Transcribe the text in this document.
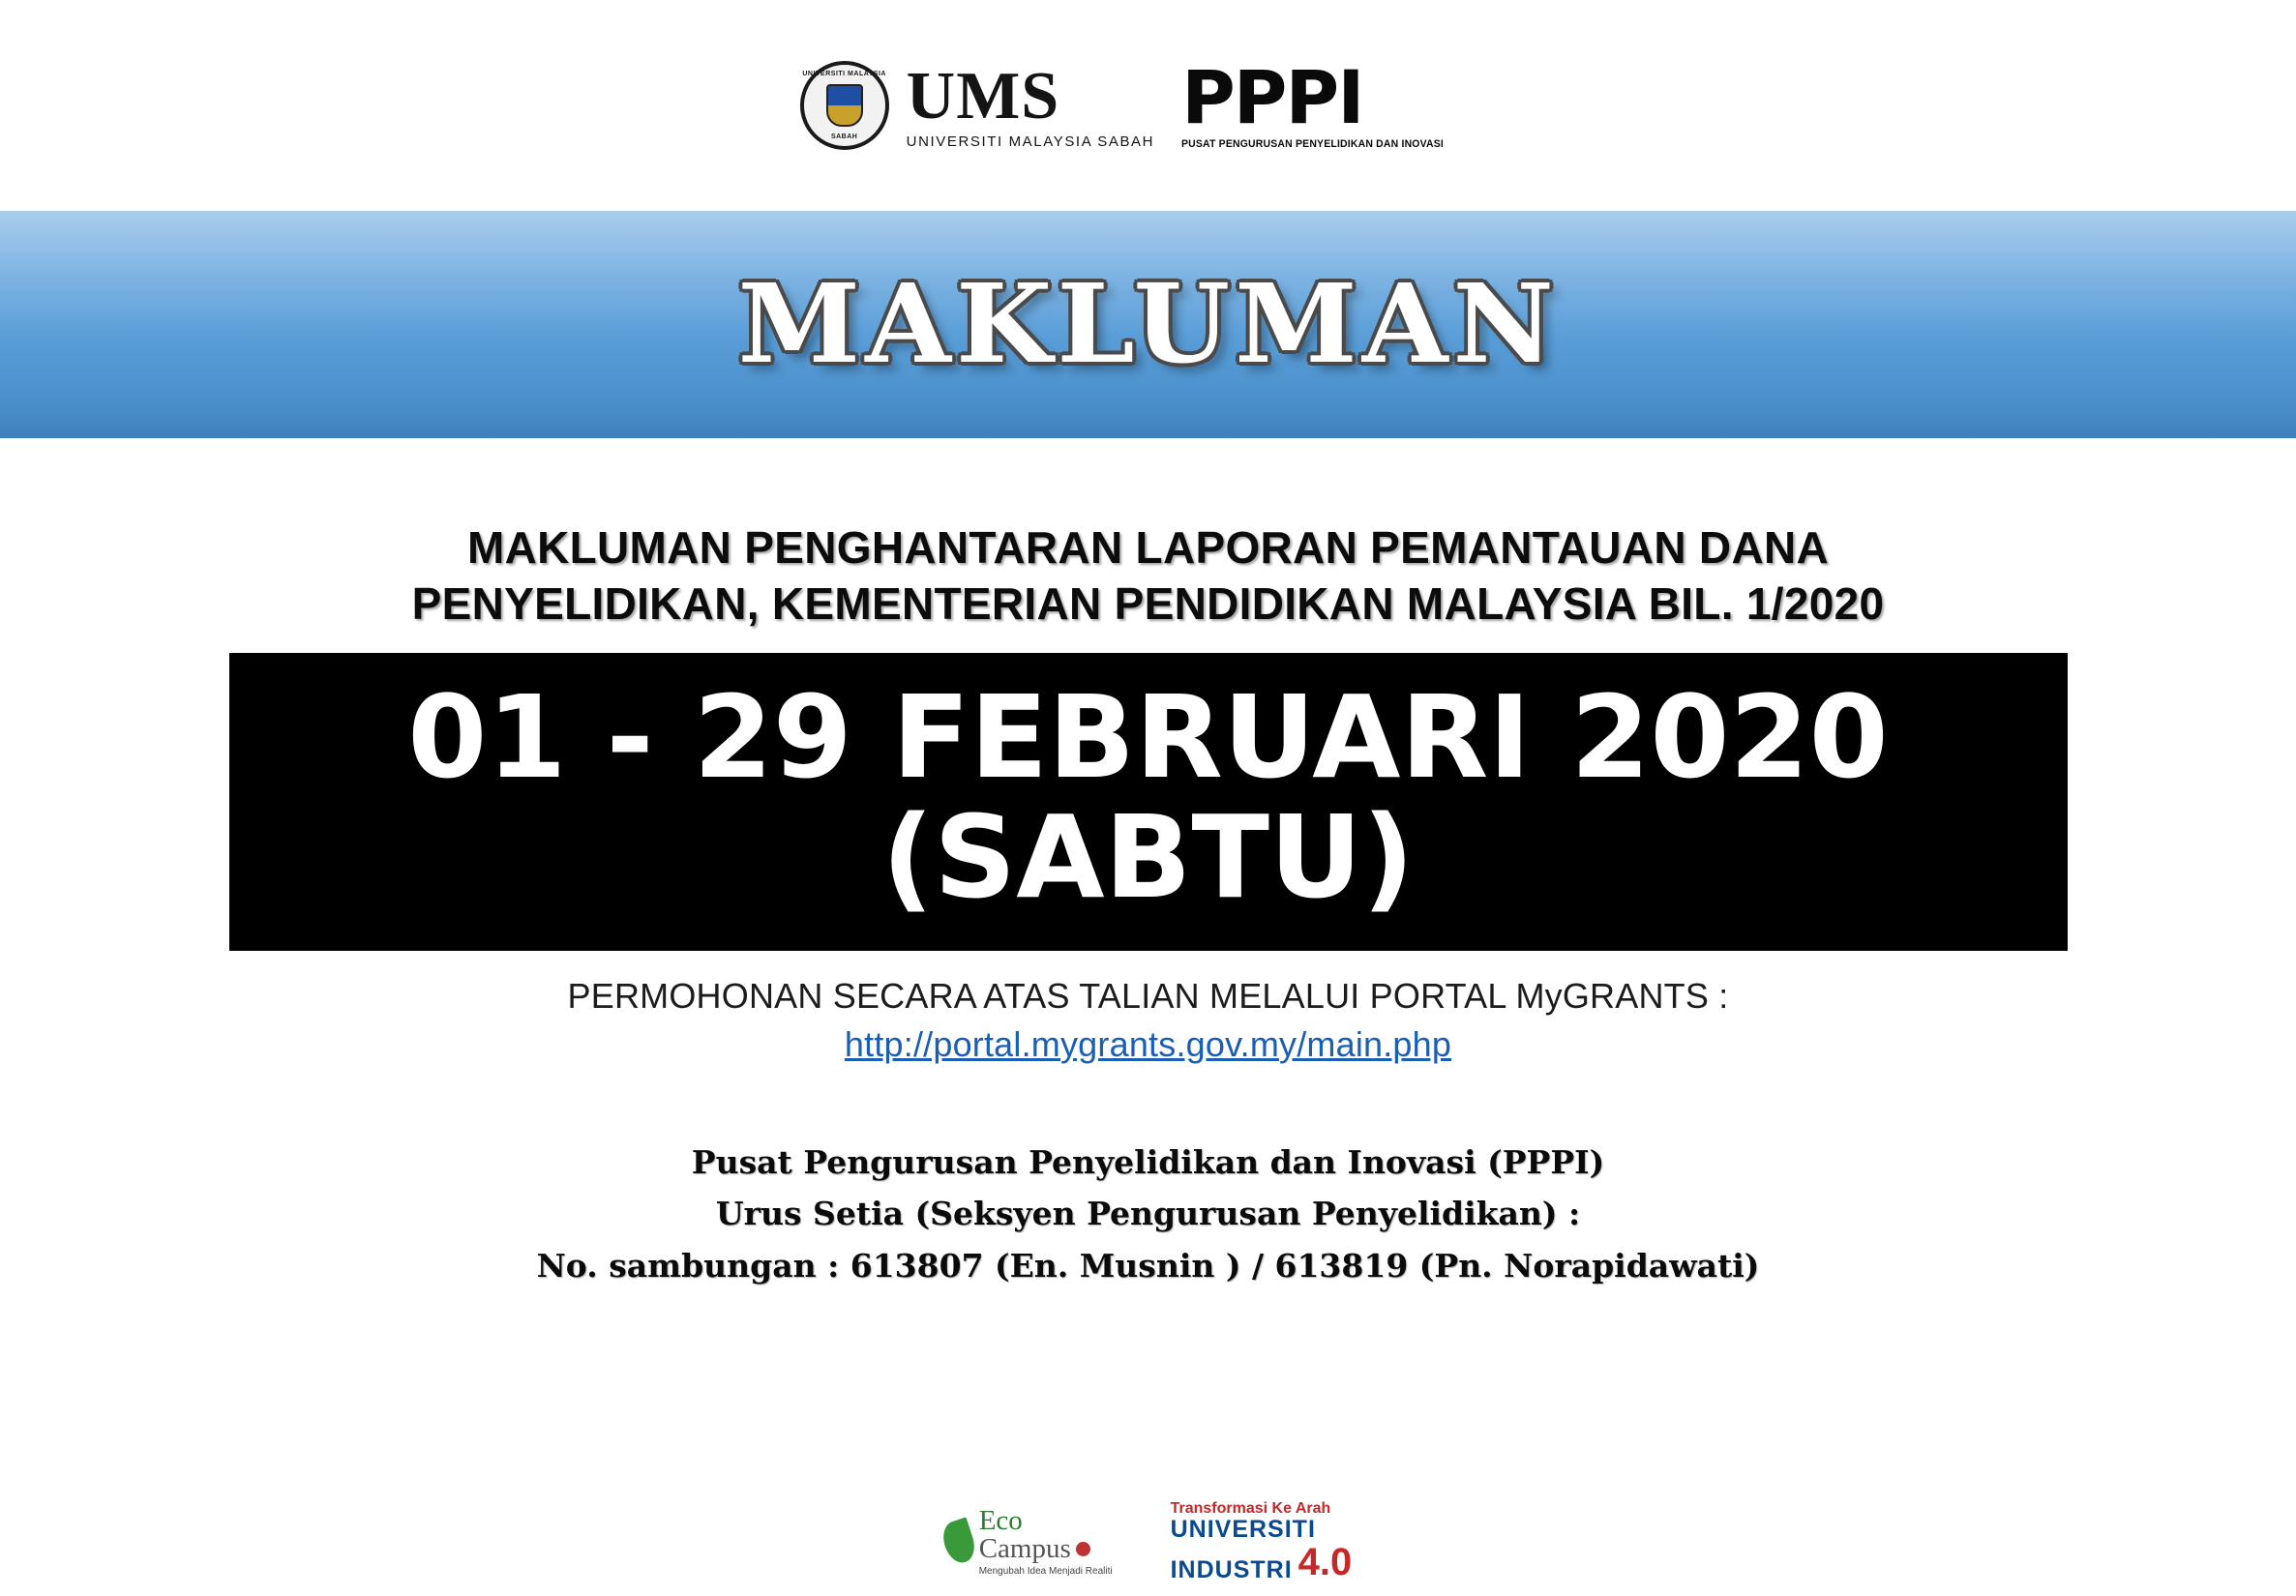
UNIVERSITI MALAYSIA
SABAH
UMS
UNIVERSITI MALAYSIA SABAH
PPPI
PUSAT PENGURUSAN PENYELIDIKAN DAN INOVASI
MAKLUMAN
MAKLUMAN PENGHANTARAN LAPORAN PEMANTAUAN DANA
PENYELIDIKAN, KEMENTERIAN PENDIDIKAN MALAYSIA BIL. 1/2020
01 - 29 FEBRUARI 2020
(SABTU)
PERMOHONAN SECARA ATAS TALIAN MELALUI PORTAL MyGRANTS :
http://portal.mygrants.gov.my/main.php
Pusat Pengurusan Penyelidikan dan Inovasi (PPPI)
Urus Setia (Seksyen Pengurusan Penyelidikan) :
No. sambungan : 613807 (En. Musnin ) / 613819 (Pn. Norapidawati)
Eco
Campus
Mengubah Idea Menjadi Realiti
Transformasi Ke Arah
UNIVERSITI
INDUSTRI 4.0
